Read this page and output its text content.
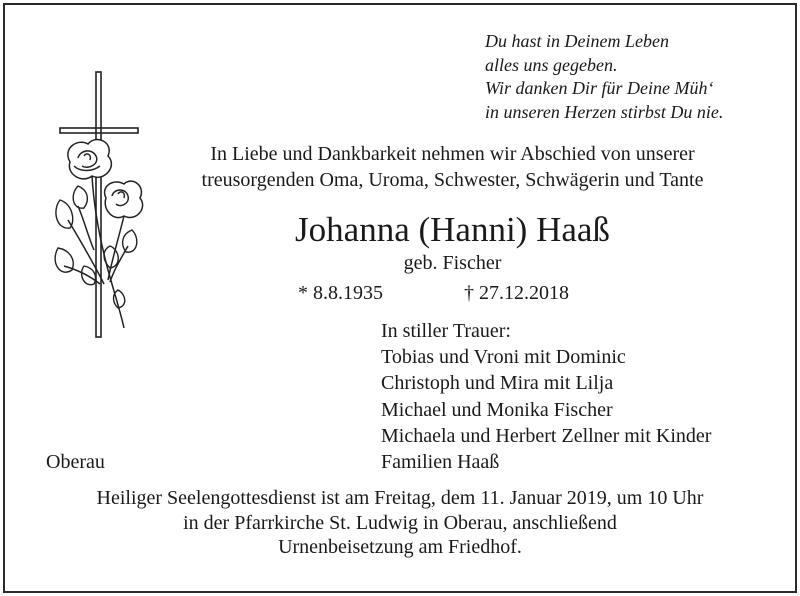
Du hast in Deinem Leben
alles uns gegeben.
Wir danken Dir für Deine Müh‘
in unseren Herzen stirbst Du nie.
In Liebe und Dankbarkeit nehmen wir Abschied von unserer
treusorgenden Oma, Uroma, Schwester, Schwägerin und Tante
Johanna (Hanni) Haaß
geb. Fischer
* 8.8.1935	† 27.12.2018
In stiller Trauer:
Tobias und Vroni mit Dominic
Christoph und Mira mit Lilja
Michael und Monika Fischer
Michaela und Herbert Zellner mit Kinder
Familien Haaß
Oberau
Heiliger Seelengottesdienst ist am Freitag, dem 11. Januar 2019, um 10 Uhr
in der Pfarrkirche St. Ludwig in Oberau, anschließend
Urnenbeisetzung am Friedhof.
